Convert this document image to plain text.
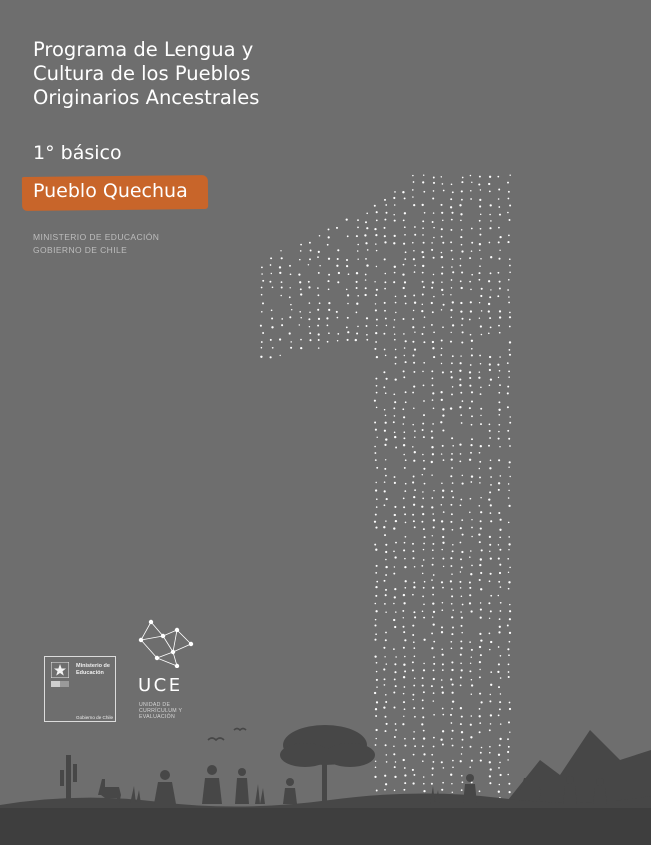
Programa de Lengua y
Cultura de los Pueblos
Originarios Ancestrales
1° básico
Pueblo Quechua
MINISTERIO DE EDUCACIÓN
GOBIERNO DE CHILE
Ministerio de
Educación
Gobierno de Chile
UCE
UNIDAD DE
CURRÍCULUM Y
EVALUACIÓN
